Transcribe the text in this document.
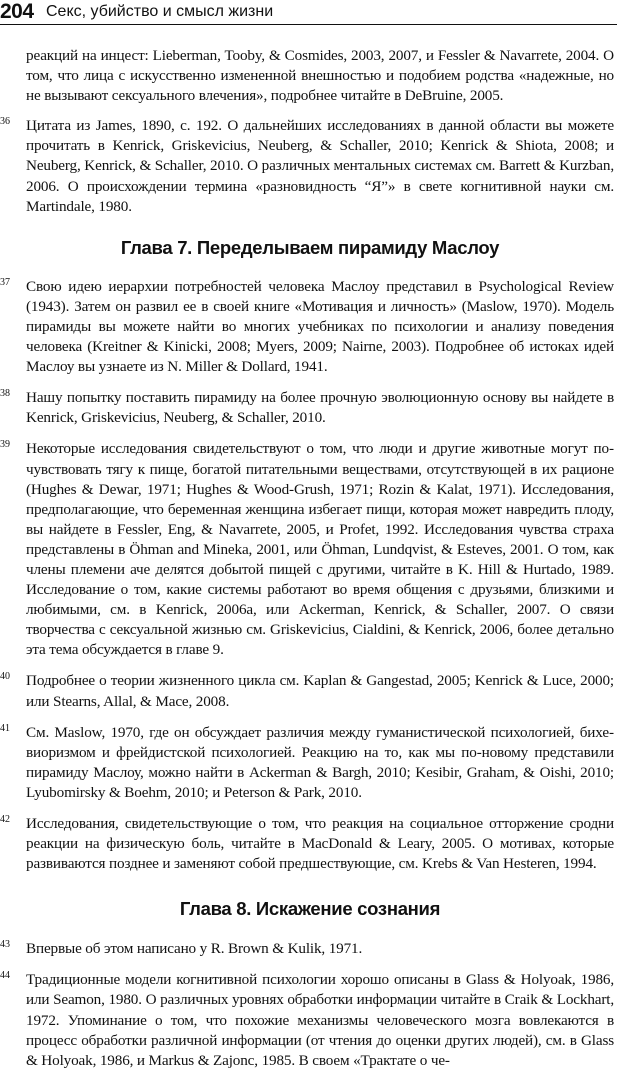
204 Секс, убийство и смысл жизни
реакций на инцест: Lieberman, Tooby, & Cosmides, 2003, 2007, и Fessler & Navarrete, 2004. О том, что лица с искусственно измененной внешностью и подобием родства «надежные, но не вызывают сексуального влечения», подробнее читайте в DeBruine, 2005.
36 Цитата из James, 1890, с. 192. О дальнейших исследованиях в данной области вы можете прочитать в Kenrick, Griskevicius, Neuberg, & Schaller, 2010; Kenrick & Shiota, 2008; и Neuberg, Kenrick, & Schaller, 2010. О различных ментальных системах см. Barrett & Kurzban, 2006. О происхождении термина «разновидность “Я”» в свете когнитивной науки см. Martindale, 1980.
Глава 7. Переделываем пирамиду Маслоу
37 Свою идею иерархии потребностей человека Маслоу представил в Psychological Review (1943). Затем он развил ее в своей книге «Мотивация и личность» (Maslow, 1970). Модель пирамиды вы можете найти во многих учебниках по психологии и анализу поведения человека (Kreitner & Kinicki, 2008; Myers, 2009; Nairne, 2003). Подробнее об истоках идей Маслоу вы узнаете из N. Miller & Dollard, 1941.
38 Нашу попытку поставить пирамиду на более прочную эволюционную основу вы найдете в Kenrick, Griskevicius, Neuberg, & Schaller, 2010.
39 Некоторые исследования свидетельствуют о том, что люди и другие животные могут почувствовать тягу к пище, богатой питательными веществами, отсутствующей в их рационе (Hughes & Dewar, 1971; Hughes & Wood-Grush, 1971; Rozin & Kalat, 1971). Исследования, предполагающие, что беременная женщина избегает пищи, которая может навредить плоду, вы найдете в Fessler, Eng, & Navarrete, 2005, и Profet, 1992. Исследования чувства страха представлены в Öhman and Mineka, 2001, или Öhman, Lundqvist, & Esteves, 2001. О том, как члены племени аче делятся добытой пищей с другими, читайте в K. Hill & Hurtado, 1989. Исследование о том, какие системы работают во время общения с друзьями, близкими и любимыми, см. в Kenrick, 2006a, или Ackerman, Kenrick, & Schaller, 2007. О связи творчества с сексуальной жизнью см. Griskevicius, Cialdini, & Kenrick, 2006, более детально эта тема обсуждается в главе 9.
40 Подробнее о теории жизненного цикла см. Kaplan & Gangestad, 2005; Kenrick & Luce, 2000; или Stearns, Allal, & Mace, 2008.
41 См. Maslow, 1970, где он обсуждает различия между гуманистической психологией, бихевиоризмом и фрейдистской психологией. Реакцию на то, как мы по-новому представили пирамиду Маслоу, можно найти в Ackerman & Bargh, 2010; Kesibir, Graham, & Oishi, 2010; Lyubomirsky & Boehm, 2010; и Peterson & Park, 2010.
42 Исследования, свидетельствующие о том, что реакция на социальное отторжение сродни реакции на физическую боль, читайте в MacDonald & Leary, 2005. О мотивах, которые развиваются позднее и заменяют собой предшествующие, см. Krebs & Van Hesteren, 1994.
Глава 8. Искажение сознания
43 Впервые об этом написано у R. Brown & Kulik, 1971.
44 Традиционные модели когнитивной психологии хорошо описаны в Glass & Holyoak, 1986, или Seamon, 1980. О различных уровнях обработки информации читайте в Craik & Lockhart, 1972. Упоминание о том, что похожие механизмы человеческого мозга вовлекаются в процесс обработки различной информации (от чтения до оценки других людей), см. в Glass & Holyoak, 1986, и Markus & Zajonc, 1985. В своем «Трактате о че-
